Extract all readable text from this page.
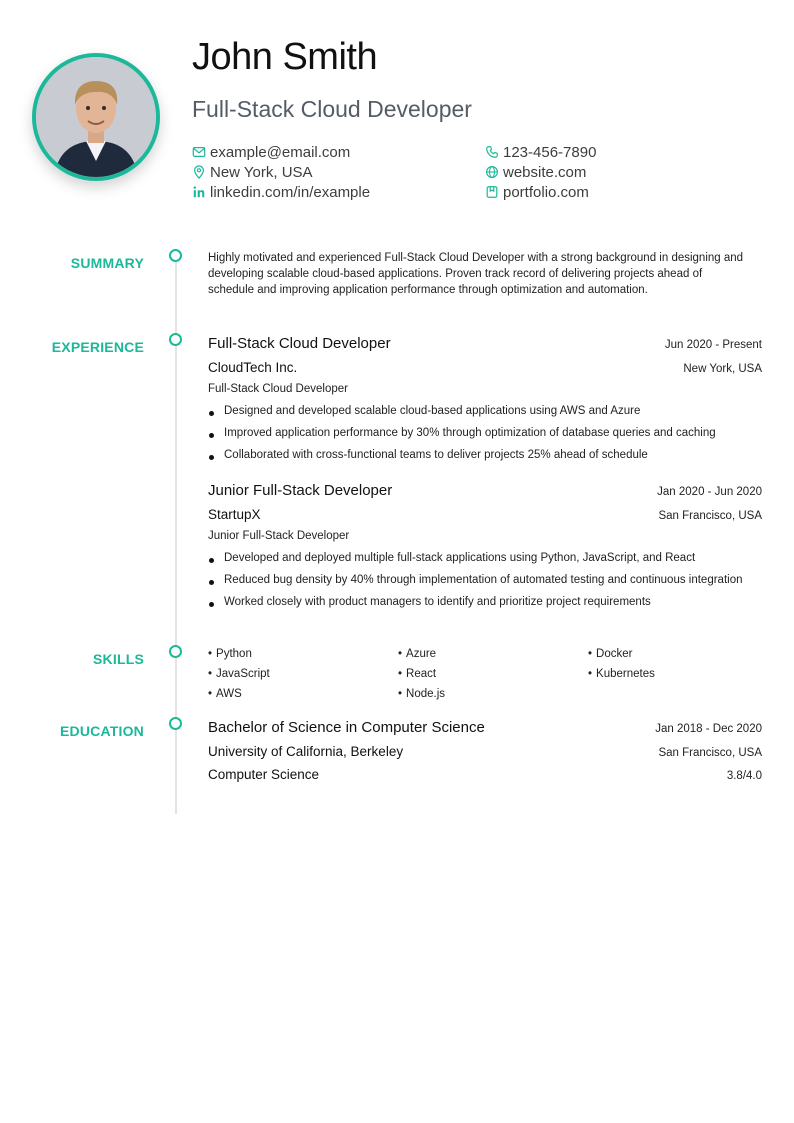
John Smith
Full-Stack Cloud Developer
example@email.com	123-456-7890
New York, USA	website.com
linkedin.com/in/example	portfolio.com
SUMMARY	Highly motivated and experienced Full-Stack Cloud Developer with a strong background in designing and developing scalable cloud-based applications. Proven track record of delivering projects ahead of schedule and improving application performance through optimization and automation.
EXPERIENCE	Full-Stack Cloud Developer	Jun 2020 - Present
CloudTech Inc.	New York, USA
Full-Stack Cloud Developer
Designed and developed scalable cloud-based applications using AWS and Azure
Improved application performance by 30% through optimization of database queries and caching
Collaborated with cross-functional teams to deliver projects 25% ahead of schedule
Junior Full-Stack Developer	Jan 2020 - Jun 2020
StartupX	San Francisco, USA
Junior Full-Stack Developer
Developed and deployed multiple full-stack applications using Python, JavaScript, and React
Reduced bug density by 40% through implementation of automated testing and continuous integration
Worked closely with product managers to identify and prioritize project requirements
SKILLS	• Python	• Azure	• Docker
• JavaScript	• React	• Kubernetes
• AWS	• Node.js
EDUCATION	Bachelor of Science in Computer Science	Jan 2018 - Dec 2020
University of California, Berkeley	San Francisco, USA
Computer Science	3.8/4.0
